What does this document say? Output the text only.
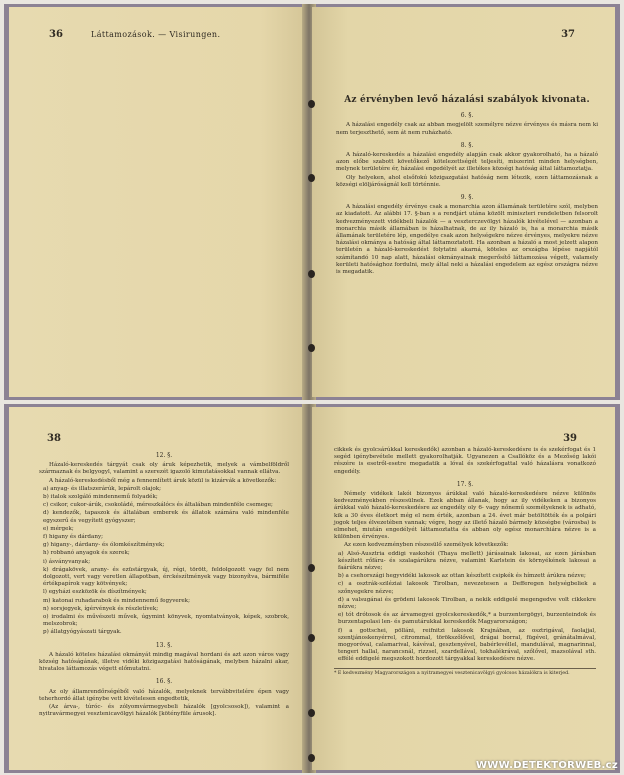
36	Láttamozások. — Visirungen.	37
Az érvényben levő házalási szabályok kivonata.
6. §.

A házalási engedély csak az abban megjelölt személyre nézve érvényes és másra nem ki nem terjeszthető, sem át nem ruházható.

8. §.

A házaló-kereskedés a házalási engedély alapján csak akkor gyakorolható, ha a házaló azon előbe szabott követőkező kötelezettségét teljesíti, miszerint minden helységben, melynek területére ér, házalási engedélyét az illetékes községi hatóság által láttamoztatja.

Oly helyeken, ahol elsőfokú közigazgatási hatóság nem létezik, ezen láttamozásnak a községi elöljáróságnál kell történnie.

9. §.

A házalási engedély érvénye csak a monarchia azon államának területére szól, melyben az kiadatott. Az alábbi 17. §-ban s a rendjárt utána közölt miniszteri rendeletben felsorolt kedvezményezett vidékbeli házalók — a veszterczevölgyi házalók kivételével — azonban a monarchia másik államában is házalhatnak, de az ily házaló is, ha a monarchia másik államának területére lép, engedélye csak azon helységekre nézve érvényes, melyekre nézve házalási okmánya a hatóság által láttamoztatott. Ha azonban a házaló a most jelzett alapon területén a házaló-kereskedést folytatni akarná, köteles az országba lépése napjától számítandó 10 nap alatt, házalási okmányainak megerősítő láttamozása végett, valamely kerületi hatósághoz fordulni, mely által neki a házalási engedelem az egész országra nézve is megadatik.

38
12. §.

Házaló-kereskedés tárgyát csak oly áruk képezhetik, melyek a vámbelföldről származnak és belgyogyl, valamint a szerezét igazoló kimutatásokkal vannak ellátva.

A házaló-kereskedésből még a fennemlített áruk közül is kizárvák a következők:

a) anyag- és illatszerárúk, lepárolt olajok;

b) italok szolgáló mindennemű folyadék;

c) csikor, cukor-árúk, csokoládé, méreszkálócs és általában mindenféle csemege;

d) kendezők, tapaszok és általában emberek és állatok számára való mindenféle egyszerű és vegyített gyógyszer;

e) mérgek;

f) higany és dárdany;

g) higany-, dárdany- és ólomkészítmények;

h) robbanó anyagok és szerek;

i) ásványvanyak;

k) drágakövek, arany- és ezüstárgyak, új, régi, törött, feldolgozott vagy fel nem dolgozott, vert vagy veretlen állapotban, érckészítmények vagy bizonyítva, bármiféle értékpapírok vagy kötvények;

l) egyházi eszközök és díszítmények;

m) katonai ruhadarabok és mindennemű fegyverek;

n) sorsjegyek, ígérvények és részletívek;

o) irodalmi és művészeti művek, úgymint könyvek, nyomtatványok, képek, szobrok, melszobrok;

p) állatgyógyászati tárgyak.

13. §.

A házaló köteles házalási okmányát mindig magával hordani és azt azon város vagy község hatóságának, illetve vidéki közigazgatási hatóságának, melyben házalni akar, hivatalos láttamozás végett előmutatni.

16. §.

Az oly államrendőrségéből való házalók, melyeknek tervábbvitelére épen vagy teherhordó állat igénybe vett kivételesen engedtetik,

(Az árva-, túróc- és zólyomvármegyebeli házalók [gyolcsosok]), valamint a nyitravármegyei vesztenicavölgyi házalók [kötényfüle árusok].

39

cikkek és gyolcsárúkkal kereskedők) azonban a házaló-kereskedésre is és szekérfogat és 1 segéd igénybevétele mellett gyakorolhatják. Ugyanezen a Csallóköz és a Mezőség lakói részére is esetről-esetre megadatik a lóval és szekérfogattal való házalásra vonatkozó engedély.

17. §.

Némely vidékek lakói bizonyos árúkkal való házaló-kereskedésre nézve különös kedvezményekben részesülnek. Ezek abban állanak, hogy az ily vidékeken a bizonyos árúkkal való házaló-kereskedésre az engedély oly 6- vagy nőnemű személyeknek is adható, kik a 30 éves életkort még el nem érték, azonban a 24. évet már betöltötték és a polgári jogok teljes élvezetében vannak; végre, hogy az illető házaló bármely községbe (városba) is elmehet, miután engedélyét láttamoztatta és abban oly egész monarchiára nézve is a különben érvényes.

Az ezen kedvezményben részesülő személyek következők:

a) Alsó-Ausztria eddigi vaskohói (Thaya mellett) járásainak lakosai, az ezen járásban készített rőfáru- és szalagárúkra nézve, valamint Karlstein és környékének lakosai a faárúkra nézve;

b) a csehországi hegyvidéki lakosok az ottan készített csipkék és hímzett árúkra nézve;

c) a osztrák-sziléziai lakosok Tirolban, nevezetesen a Defferegen helységbeliek a szőnyegekre nézve;

d) a valsugánai és grödeni lakosok Tirolban, a nekik eddigelé megengedve volt cikkekre nézve;

e) tót drótosok és az árvamegyei gyolcskereskedők,* a burzentergögyi, burzenteindok és burzentapolasi len- és pamutárukkal kereskedők Magyarországon;

f) a gottschei, pölláni, reifnitzi lakosok Krajnában, az osztrigával, faolajjal, szentjánoskenyérrel, citrommal, törökszőlővel, drágai borral, fügével, gránátalmával, mogyoróval, calamarival, kávéval, gesztenyével, babérlevéllel, mandulával, magnarinnal, tengeri hallal, narancsnál, rizzsel, szardellával, tokhalékrával, szőlővel, mazsolával sth. effélé eddigelé megszokott hordozott tárgyakkal kereskedésre nézve.

* E kedvezmény Magyarországon a nyitramegyei vesztenicavölgyi gyolcsos házalókra is kiterjed.
WWW.DETEKTORWEB.cz
